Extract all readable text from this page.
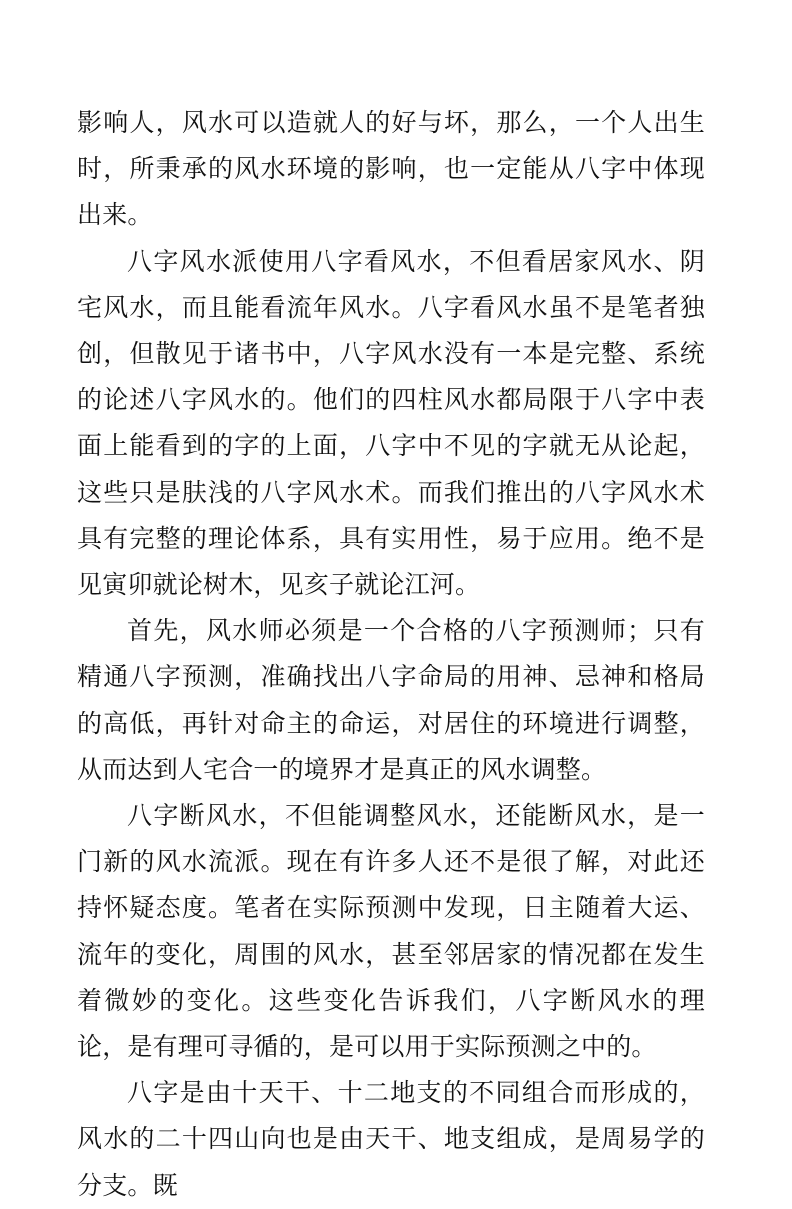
影响人，风水可以造就人的好与坏，那么，一个人出生时，所秉承的风水环境的影响，也一定能从八字中体现出来。

八字风水派使用八字看风水，不但看居家风水、阴宅风水，而且能看流年风水。八字看风水虽不是笔者独创，但散见于诸书中，八字风水没有一本是完整、系统的论述八字风水的。他们的四柱风水都局限于八字中表面上能看到的字的上面，八字中不见的字就无从论起，这些只是肤浅的八字风水术。而我们推出的八字风水术具有完整的理论体系，具有实用性，易于应用。绝不是见寅卯就论树木，见亥子就论江河。

首先，风水师必须是一个合格的八字预测师；只有精通八字预测，准确找出八字命局的用神、忌神和格局的高低，再针对命主的命运，对居住的环境进行调整，从而达到人宅合一的境界才是真正的风水调整。

八字断风水，不但能调整风水，还能断风水，是一门新的风水流派。现在有许多人还不是很了解，对此还持怀疑态度。笔者在实际预测中发现，日主随着大运、流年的变化，周围的风水，甚至邻居家的情况都在发生着微妙的变化。这些变化告诉我们，八字断风水的理论，是有理可寻循的，是可以用于实际预测之中的。

八字是由十天干、十二地支的不同组合而形成的，风水的二十四山向也是由天干、地支组成，是周易学的分支。既
